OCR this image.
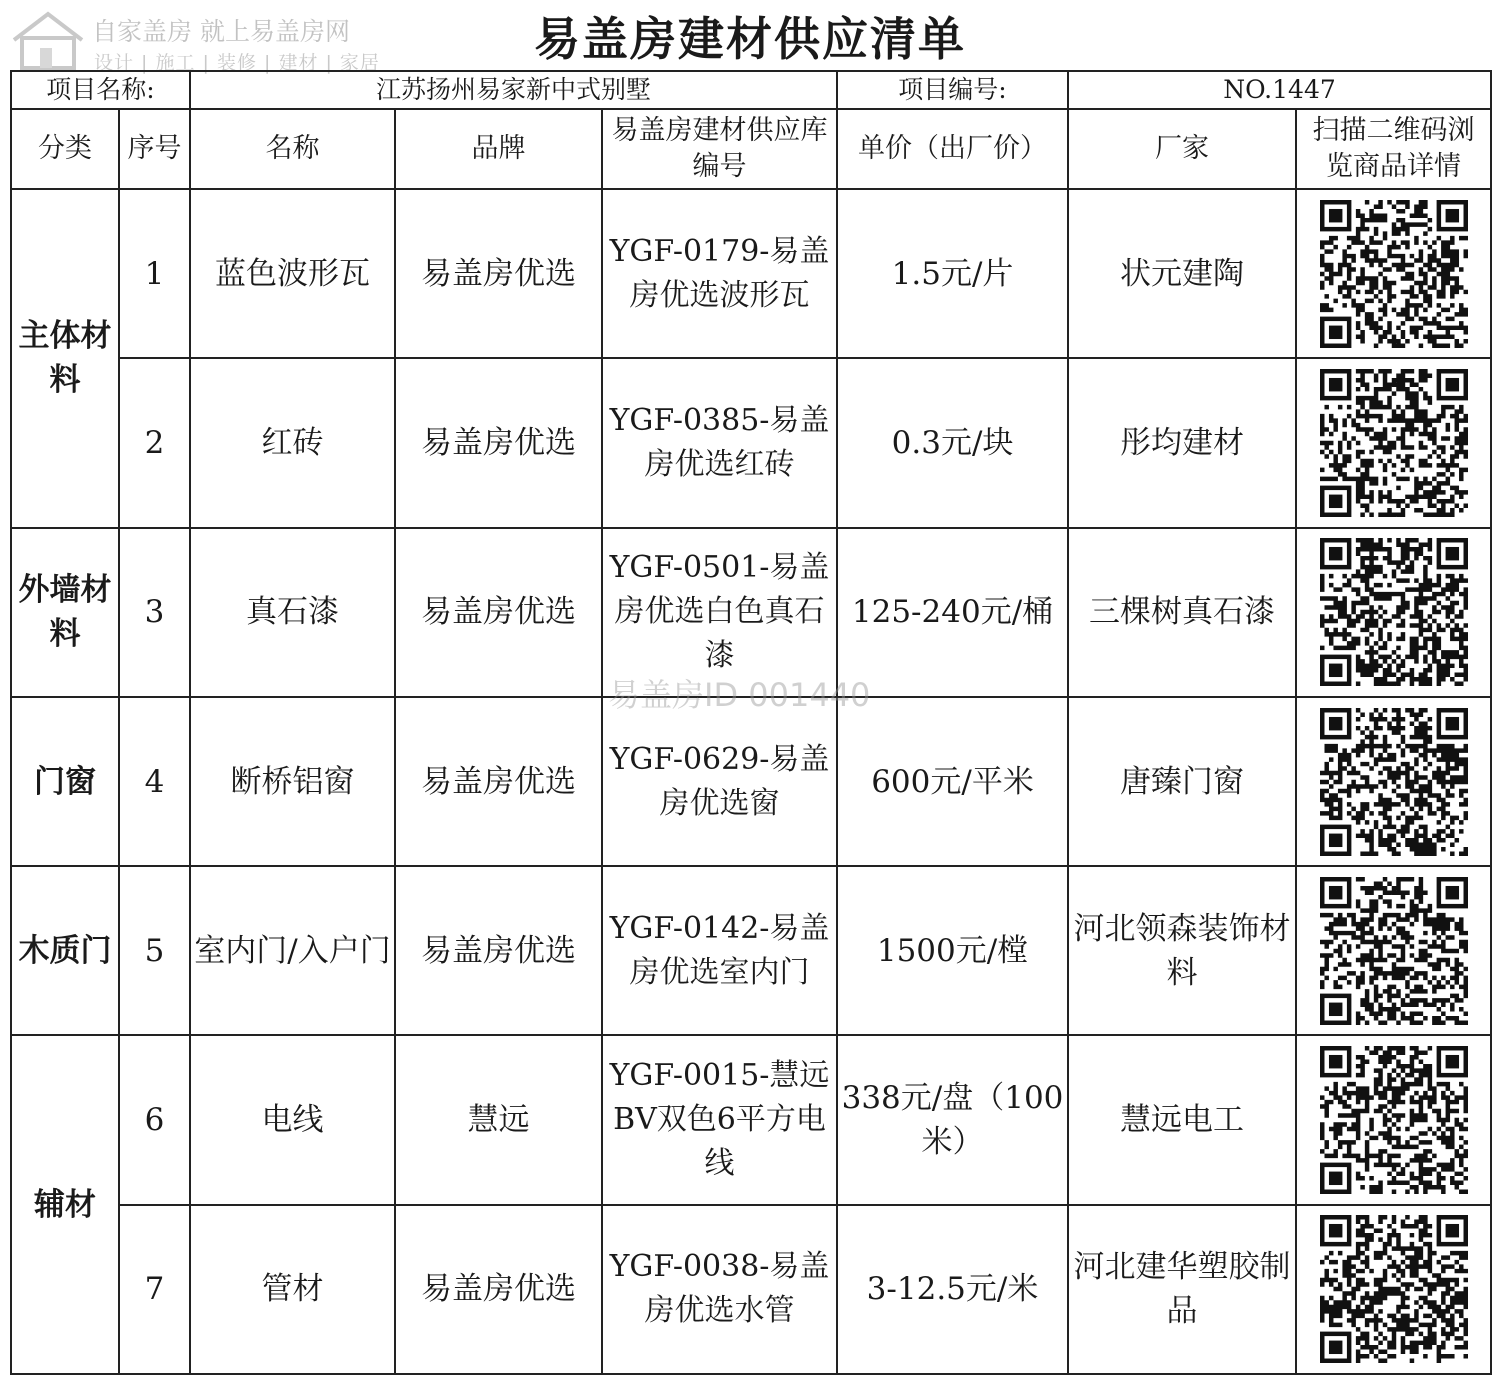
自家盖房 就上易盖房网
设计 | 施工 | 装修 | 建材 | 家居	易盖房建材供应清单
项目名称:		江苏扬州易家新中式别墅			项目编号:	NO.1447	
分类	序号	名称	品牌	易盖房建材供应库编号	单价（出厂价）	厂家	扫描二维码浏览商品详情
主体材料	1	蓝色波形瓦	易盖房优选	YGF-0179-易盖房优选波形瓦	1.5元/片	状元建陶	

	2	红砖	易盖房优选	YGF-0385-易盖房优选红砖	0.3元/块	彤均建材	

外墙材料	3	真石漆	易盖房优选	YGF-0501-易盖房优选白色真石漆	125-240元/桶	三棵树真石漆	

门窗	4	断桥铝窗	易盖房优选	YGF-0629-易盖房优选窗	600元/平米	唐臻门窗	

木质门	5	室内门/入户门	易盖房优选	YGF-0142-易盖房优选室内门	1500元/樘	河北领森装饰材料	

辅材	6	电线	慧远	YGF-0015-慧远BV双色6平方电线	338元/盘（100米）	慧远电工	

	7	管材	易盖房优选	YGF-0038-易盖房优选水管	3-12.5元/米	河北建华塑胶制品	
易盖房ID 001440
